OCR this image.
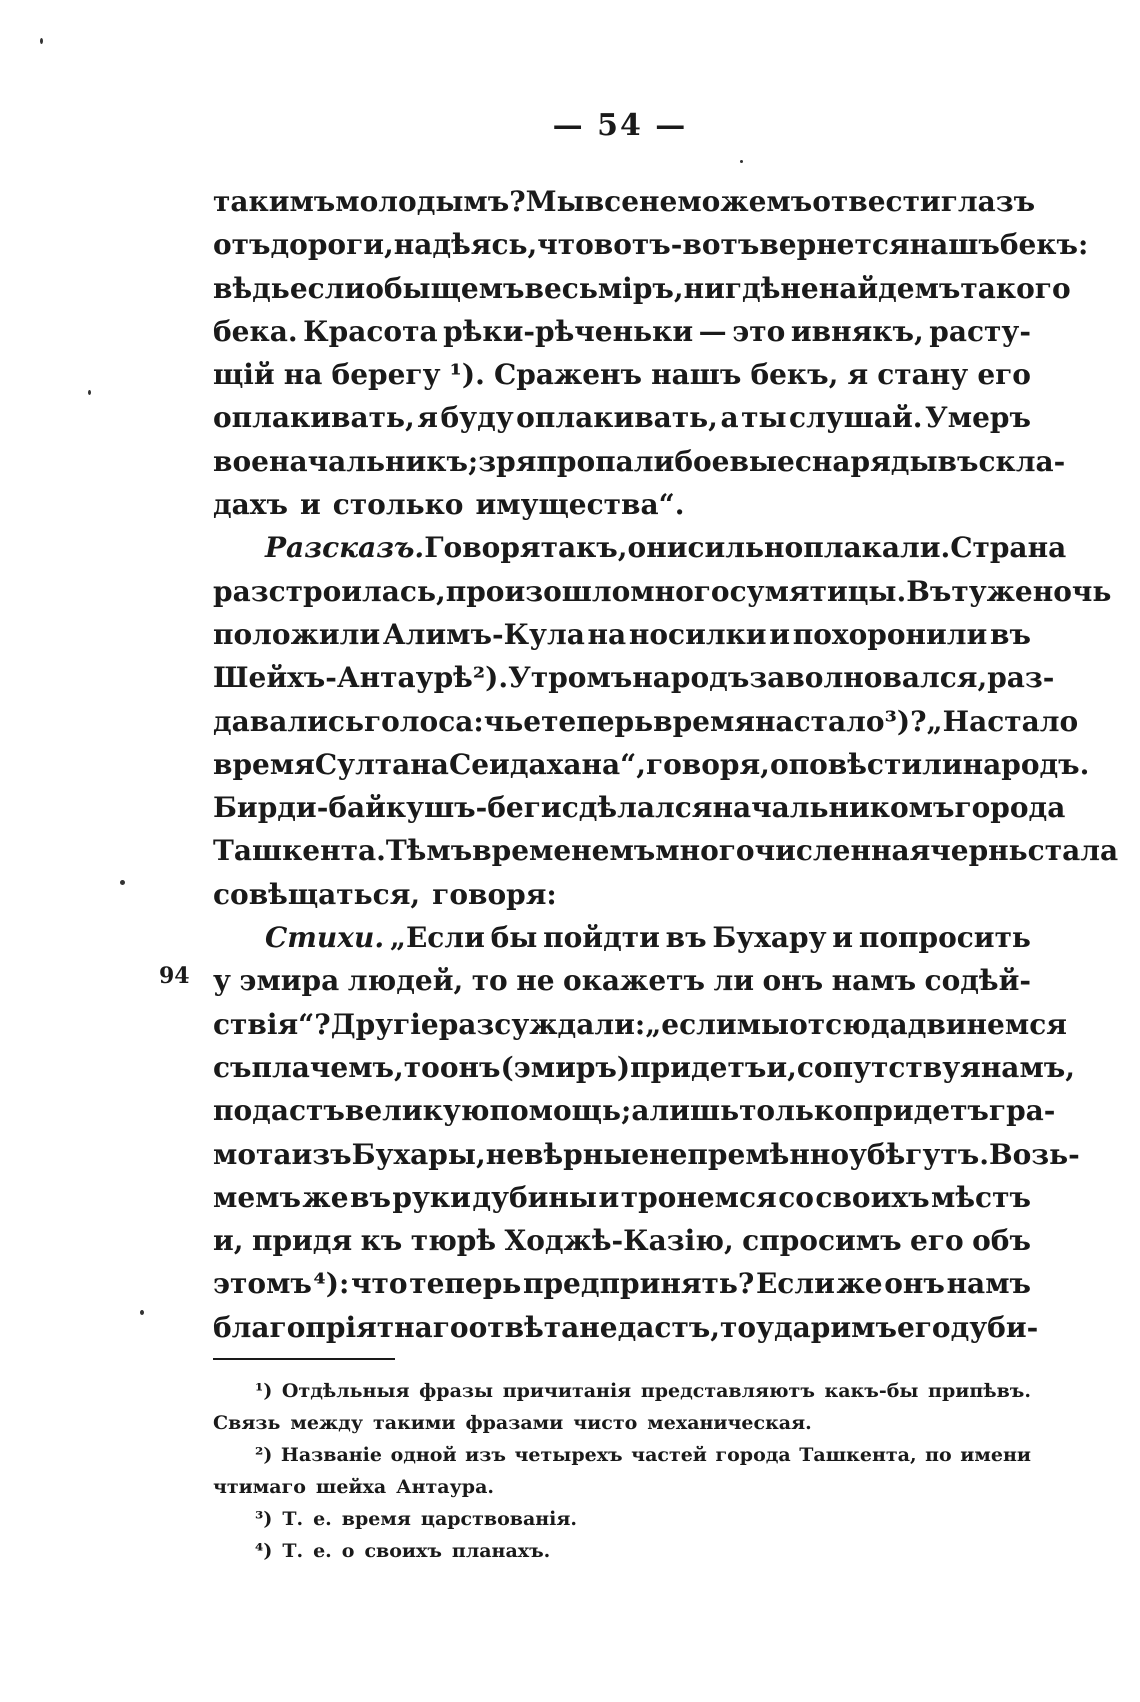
— 54 —
94
такимъ молодымъ? Мы все не можемъ отвести глазъ
отъ дороги, надѣясь, что вотъ-вотъ вернется нашъ бекъ:
вѣдь если обыщемъ весь міръ, нигдѣ не найдемъ такого
бека. Красота рѣки-рѣченьки — это ивнякъ, расту-
щій на берегу ¹). Сраженъ нашъ бекъ, я стану его
оплакивать, я буду оплакивать, а ты слушай. Умеръ
военачальникъ; зря пропали боевые снаряды въ скла-
дахъ и столько имущества“.
Разсказъ. Говоря такъ, они сильно плакали. Страна
разстроилась, произошло много сумятицы. Въ ту же ночь
положили Алимъ-Кула на носилки и похоронили въ
Шейхъ-Антаурѣ ²). Утромъ народъ заволновался, раз-
давались голоса: чье теперь время настало ³)? „Настало
время Султана Сеида хана“, говоря, оповѣстили народъ.
Бирди-бай кушъ-беги сдѣлался начальникомъ города
Ташкента. Тѣмъ временемъ многочисленная чернь стала
совѣщаться, говоря:
Стихи. „Если бы пойдти въ Бухару и попросить
у эмира людей, то не окажетъ ли онъ намъ содѣй-
ствія“? Другіе разсуждали: „если мы отсюда двинемся
съ плачемъ, то онъ (эмиръ) придетъ и, сопутствуя намъ,
подастъ великую помощь; а лишь только придетъ гра-
мота изъ Бухары, невѣрные непремѣнно убѣгутъ. Возь-
мемъ же въ руки дубины и тронемся со своихъ мѣстъ
и, придя къ тюрѣ Ходжѣ-Казію, спросимъ его объ
этомъ ⁴): что теперь предпринять? Если же онъ намъ
благопріятнаго отвѣта не дастъ, то ударимъ его дуби-
¹) Отдѣльныя фразы причитанія представляютъ какъ-бы припѣвъ.
Связь между такими фразами чисто механическая.
²) Названіе одной изъ четырехъ частей города Ташкента, по имени
чтимаго шейха Антаура.
³) Т. е. время царствованія.
⁴) Т. е. о своихъ планахъ.
